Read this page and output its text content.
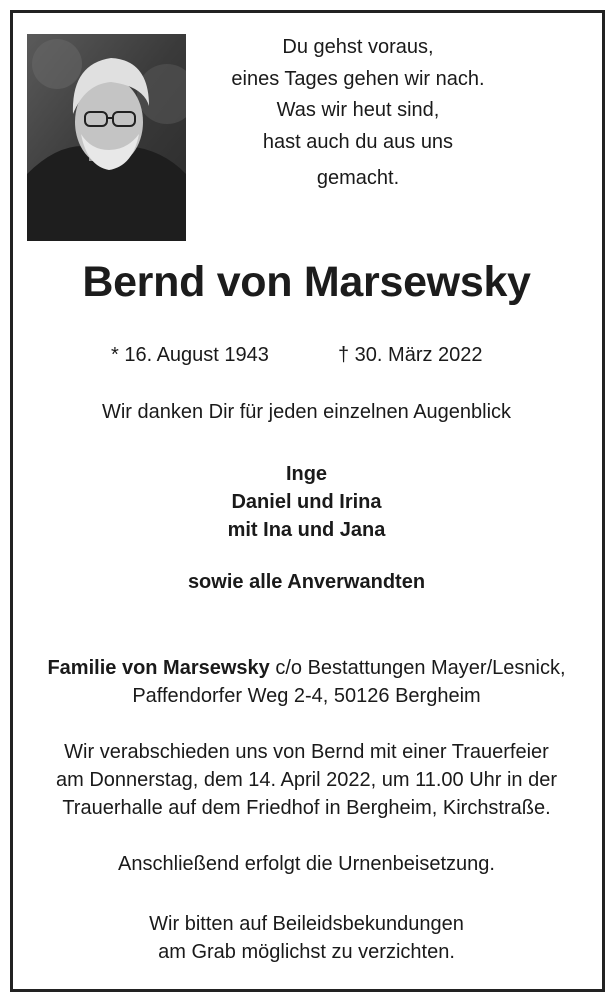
Du gehst voraus,
eines Tages gehen wir nach.
Was wir heut sind,
hast auch du aus uns
gemacht.
Bernd von Marsewsky
* 16. August 1943	† 30. März 2022
Wir danken Dir für jeden einzelnen Augenblick
Inge
Daniel und Irina
mit Ina und Jana
sowie alle Anverwandten
Familie von Marsewsky c/o Bestattungen Mayer/Lesnick,
Paffendorfer Weg 2-4, 50126 Bergheim
Wir verabschieden uns von Bernd mit einer Trauerfeier
am Donnerstag, dem 14. April 2022, um 11.00 Uhr in der
Trauerhalle auf dem Friedhof in Bergheim, Kirchstraße.
Anschließend erfolgt die Urnenbeisetzung.
Wir bitten auf Beileidsbekundungen
am Grab möglichst zu verzichten.
